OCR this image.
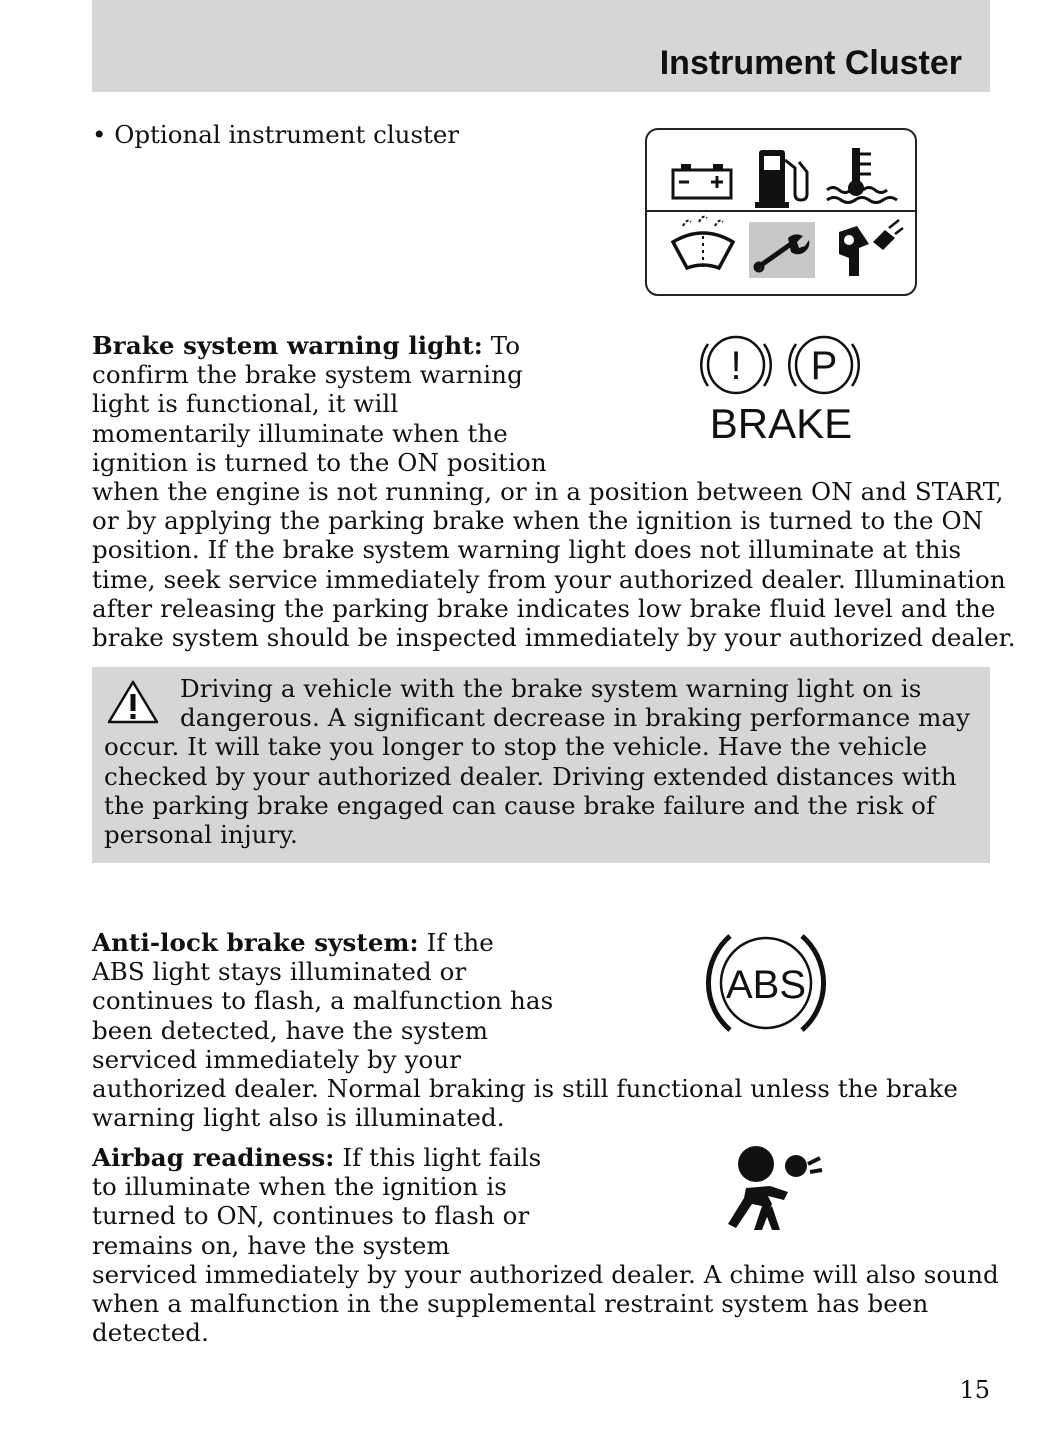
Instrument Cluster
• Optional instrument cluster
Brake system warning light: To
confirm the brake system warning
light is functional, it will
momentarily illuminate when the
ignition is turned to the ON position
when the engine is not running, or in a position between ON and START,
or by applying the parking brake when the ignition is turned to the ON
position. If the brake system warning light does not illuminate at this
time, seek service immediately from your authorized dealer. Illumination
after releasing the parking brake indicates low brake fluid level and the
brake system should be inspected immediately by your authorized dealer.
! P
BRAKE
Driving a vehicle with the brake system warning light on is
dangerous. A significant decrease in braking performance may
occur. It will take you longer to stop the vehicle. Have the vehicle
checked by your authorized dealer. Driving extended distances with
the parking brake engaged can cause brake failure and the risk of
personal injury.
Anti-lock brake system: If the
ABS light stays illuminated or
continues to flash, a malfunction has
been detected, have the system
serviced immediately by your
authorized dealer. Normal braking is still functional unless the brake
warning light also is illuminated.
ABS
Airbag readiness: If this light fails
to illuminate when the ignition is
turned to ON, continues to flash or
remains on, have the system
serviced immediately by your authorized dealer. A chime will also sound
when a malfunction in the supplemental restraint system has been
detected.
15
